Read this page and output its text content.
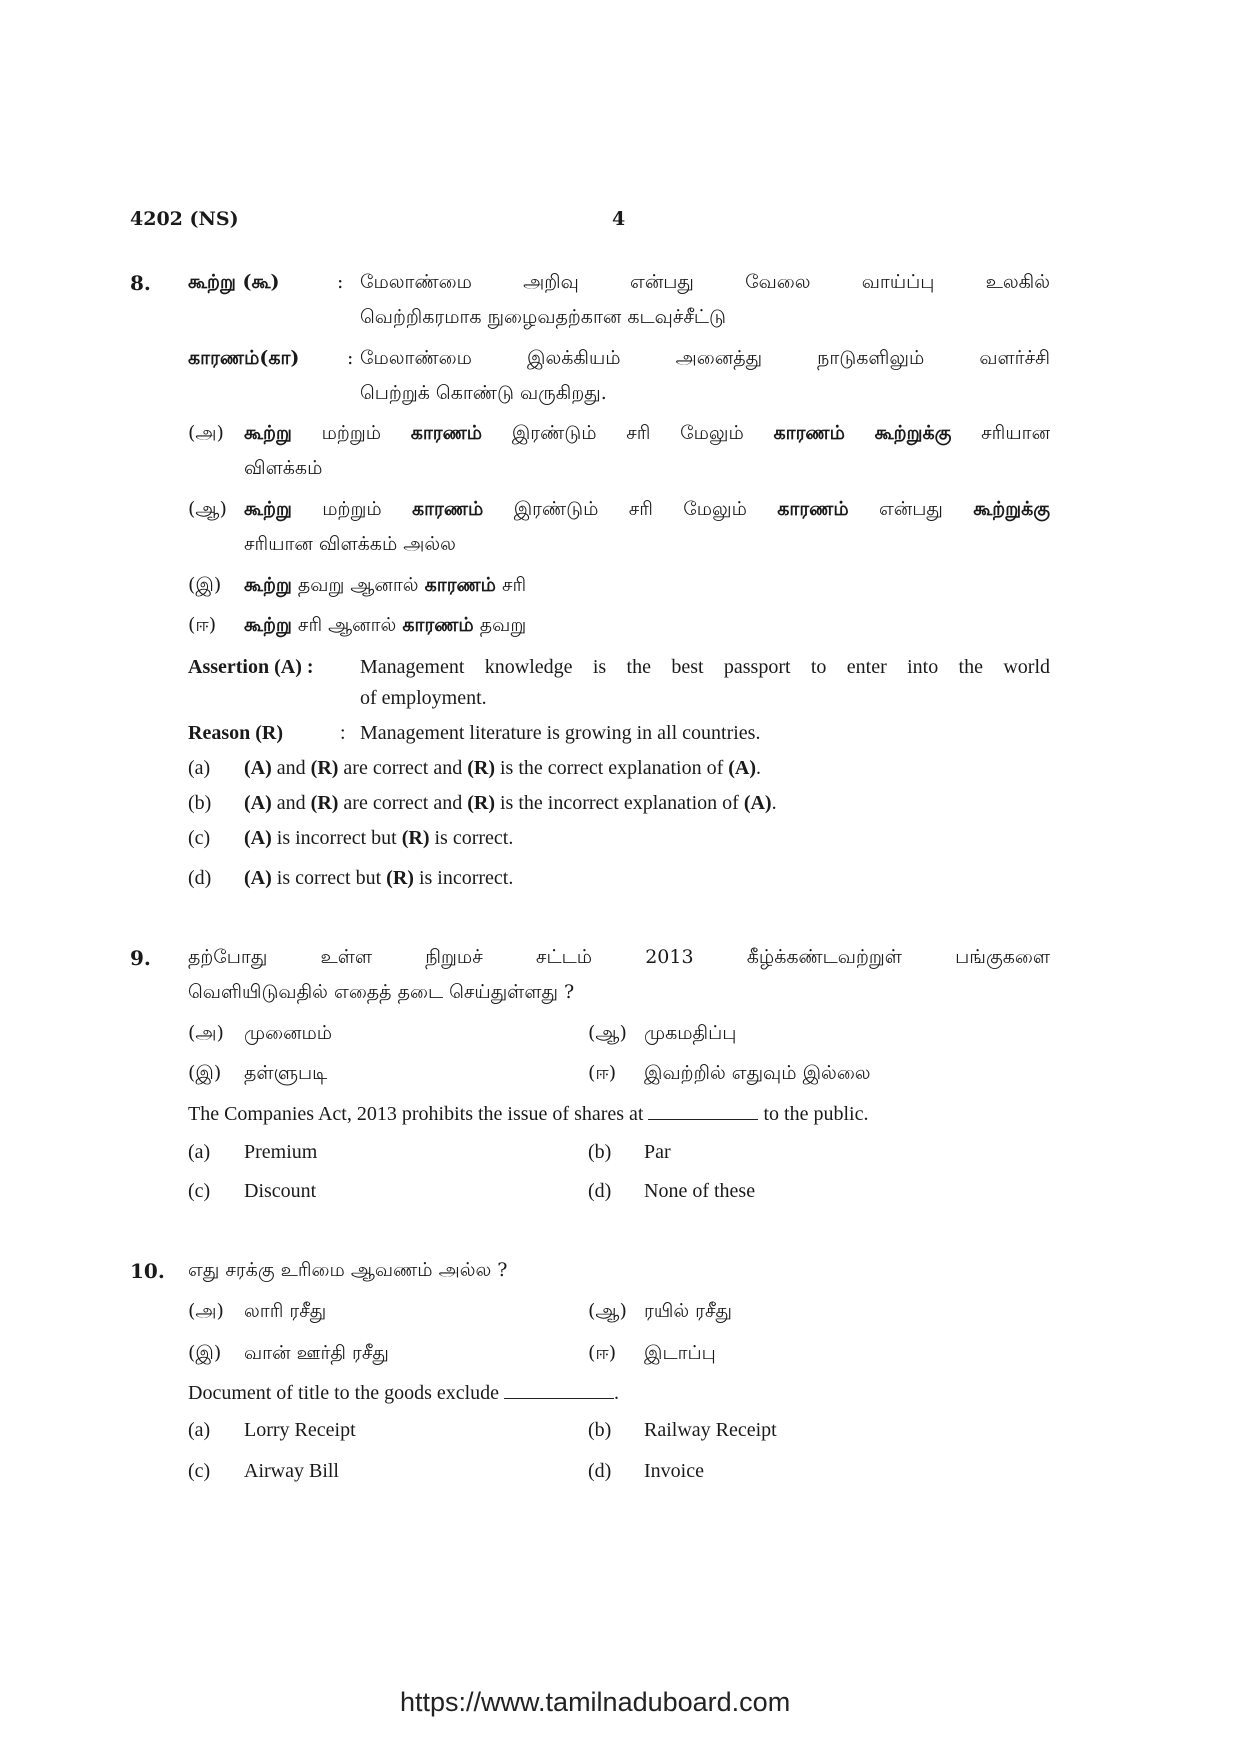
4202 (NS)	4
8. கூற்று (கூ)	: மேலாண்மை அறிவு என்பது வேலை வாய்ப்பு உலகில்
வெற்றிகரமாக நுழைவதற்கான கடவுச்சீட்டு
காரணம்(கா)	: மேலாண்மை இலக்கியம் அனைத்து நாடுகளிலும் வளர்ச்சி
பெற்றுக் கொண்டு வருகிறது.
(அ) கூற்று மற்றும் காரணம் இரண்டும் சரி மேலும் காரணம் கூற்றுக்கு சரியான
விளக்கம்
(ஆ) கூற்று மற்றும் காரணம் இரண்டும் சரி மேலும் காரணம் என்பது கூற்றுக்கு
சரியான விளக்கம் அல்ல
(இ) கூற்று தவறு ஆனால் காரணம் சரி
(ஈ) கூற்று சரி ஆனால் காரணம் தவறு
Assertion (A) : Management knowledge is the best passport to enter into the world
of employment.
Reason (R)	: Management literature is growing in all countries.
(a) (A) and (R) are correct and (R) is the correct explanation of (A).
(b) (A) and (R) are correct and (R) is the incorrect explanation of (A).
(c) (A) is incorrect but (R) is correct.
(d) (A) is correct but (R) is incorrect.
9. தற்போது உள்ள நிறுமச் சட்டம் 2013 கீழ்க்கண்டவற்றுள் பங்குகளை
வெளியிடுவதில் எதைத் தடை செய்துள்ளது ?
(அ) முனைமம்	(ஆ) முகமதிப்பு
(இ) தள்ளுபடி	(ஈ) இவற்றில் எதுவும் இல்லை
The Companies Act, 2013 prohibits the issue of shares at	to the public.
(a) Premium	(b) Par
(c) Discount	(d) None of these
10. எது சரக்கு உரிமை ஆவணம் அல்ல ?
(அ) லாரி ரசீது	(ஆ) ரயில் ரசீது
(இ) வான் ஊர்தி ரசீது	(ஈ) இடாப்பு
Document of title to the goods exclude	.
(a) Lorry Receipt	(b) Railway Receipt
(c) Airway Bill	(d) Invoice
https://www.tamilnaduboard.com
